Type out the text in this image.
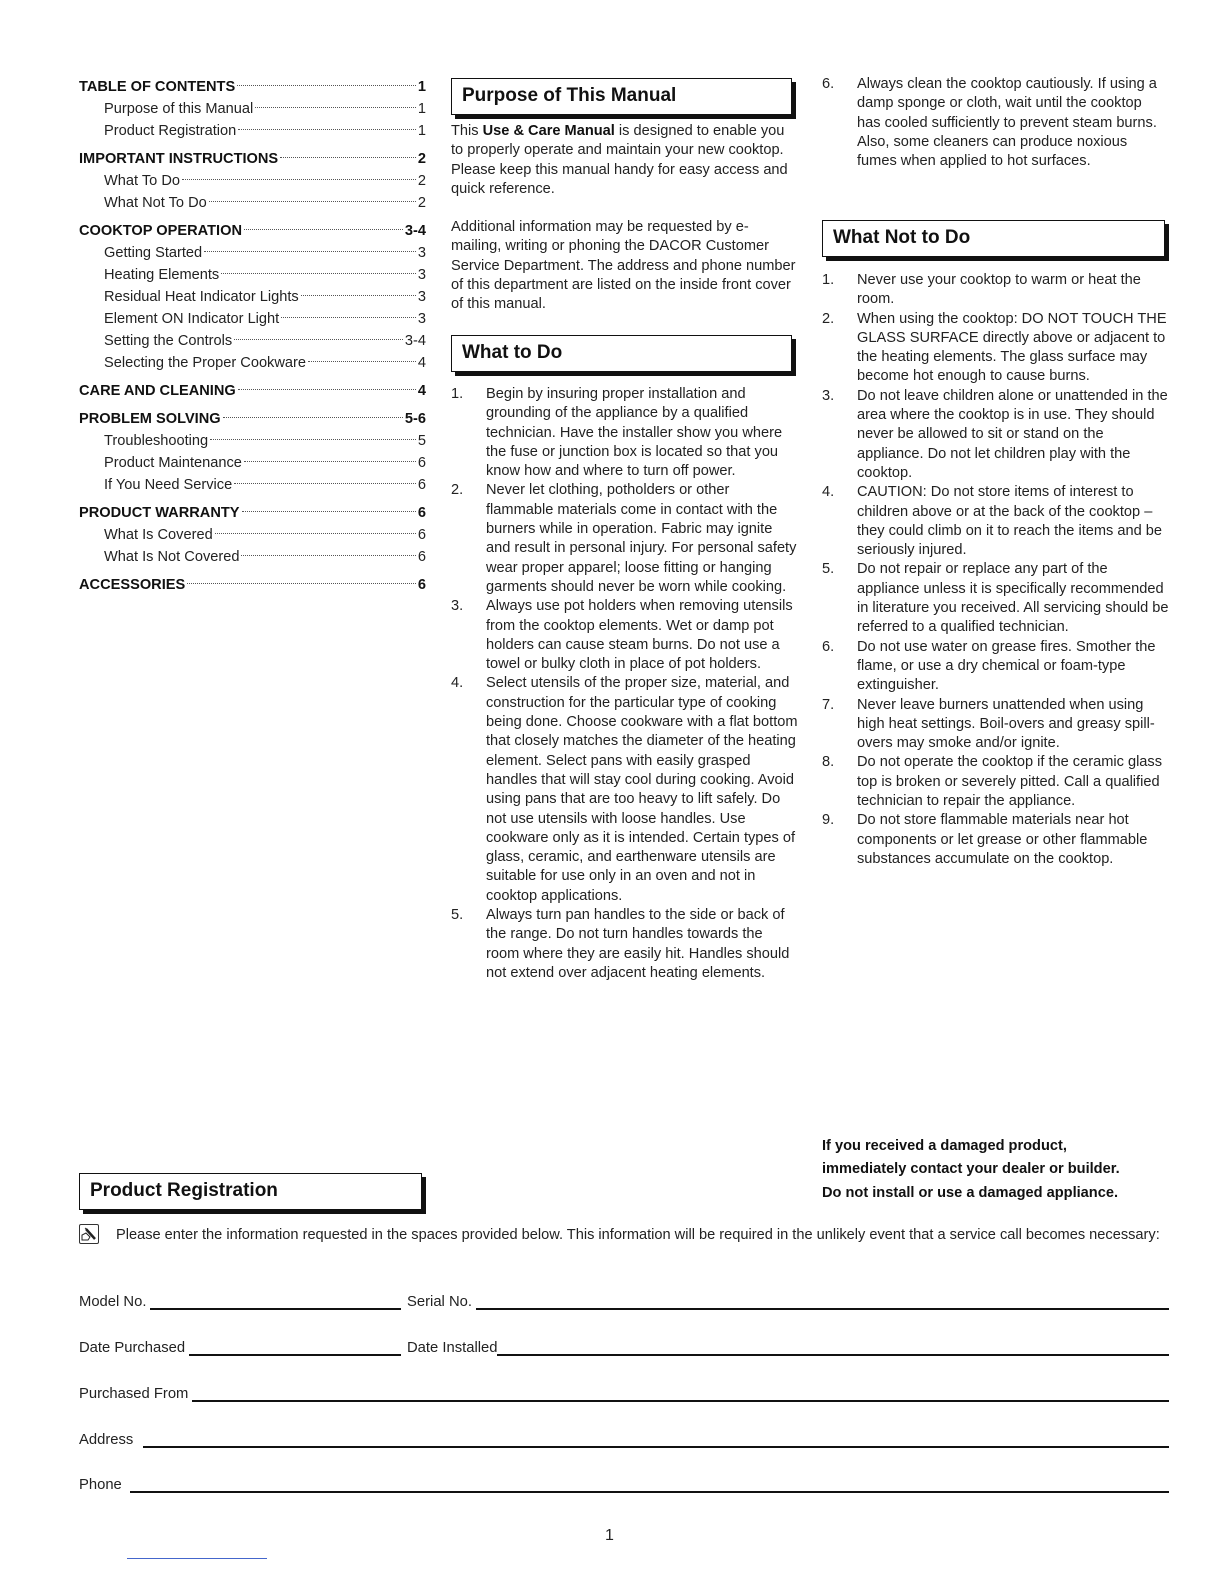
TABLE OF CONTENTS	1
Purpose of this Manual	1
Product Registration	1
IMPORTANT INSTRUCTIONS	2
What To Do	2
What Not To Do	2
COOKTOP OPERATION	3-4
Getting Started	3
Heating Elements	3
Residual Heat Indicator Lights	3
Element ON Indicator Light	3
Setting the Controls	3-4
Selecting the Proper Cookware	4
CARE AND CLEANING	4
PROBLEM SOLVING	5-6
Troubleshooting	5
Product Maintenance	6
If You Need Service	6
PRODUCT WARRANTY	6
What Is Covered	6
What Is Not Covered	6
ACCESSORIES	6
Purpose of This Manual
This Use & Care Manual is designed to enable you to properly operate and maintain your new cooktop. Please keep this manual handy for easy access and quick reference.
Additional information may be requested by e-mailing, writing or phoning the DACOR Customer Service Department. The address and phone number of this department are listed on the inside front cover of this manual.
What to Do
1.	Begin by insuring proper installation and grounding of the appliance by a qualified technician. Have the installer show you where the fuse or junction box is located so that you know how and where to turn off power.
2.	Never let clothing, potholders or other flammable materials come in contact with the burners while in operation. Fabric may ignite and result in personal injury. For personal safety wear proper apparel; loose fitting or hanging garments should never be worn while cooking.
3.	Always use pot holders when removing utensils from the cooktop elements. Wet or damp pot holders can cause steam burns. Do not use a towel or bulky cloth in place of pot holders.
4.	Select utensils of the proper size, material, and construction for the particular type of cooking being done. Choose cookware with a flat bottom that closely matches the diameter of the heating element. Select pans with easily grasped handles that will stay cool during cooking. Avoid using pans that are too heavy to lift safely. Do not use utensils with loose handles. Use cookware only as it is intended. Certain types of glass, ceramic, and earthenware utensils are suitable for use only in an oven and not in cooktop applications.
5.	Always turn pan handles to the side or back of the range. Do not turn handles towards the room where they are easily hit. Handles should not extend over adjacent heating elements.
6.	Always clean the cooktop cautiously. If using a damp sponge or cloth, wait until the cooktop has cooled sufficiently to prevent steam burns. Also, some cleaners can produce noxious fumes when applied to hot surfaces.
What Not to Do
1.	Never use your cooktop to warm or heat the room.
2.	When using the cooktop: DO NOT TOUCH THE GLASS SURFACE directly above or adjacent to the heating elements. The glass surface may become hot enough to cause burns.
3.	Do not leave children alone or unattended in the area where the cooktop is in use. They should never be allowed to sit or stand on the appliance. Do not let children play with the cooktop.
4.	CAUTION: Do not store items of interest to children above or at the back of the cooktop – they could climb on it to reach the items and be seriously injured.
5.	Do not repair or replace any part of the appliance unless it is specifically recommended in literature you received. All servicing should be referred to a qualified technician.
6.	Do not use water on grease fires. Smother the flame, or use a dry chemical or foam-type extinguisher.
7.	Never leave burners unattended when using high heat settings. Boil-overs and greasy spill-overs may smoke and/or ignite.
8.	Do not operate the cooktop if the ceramic glass top is broken or severely pitted. Call a qualified technician to repair the appliance.
9.	Do not store flammable materials near hot components or let grease or other flammable substances accumulate on the cooktop.
If you received a damaged product,
immediately contact your dealer or builder.
Do not install or use a damaged appliance.
Product Registration
Please enter the information requested in the spaces provided below. This information will be required in the unlikely event that a service call becomes necessary:
Model No.	Serial No.
Date Purchased	Date Installed
Purchased From
Address
Phone
1
